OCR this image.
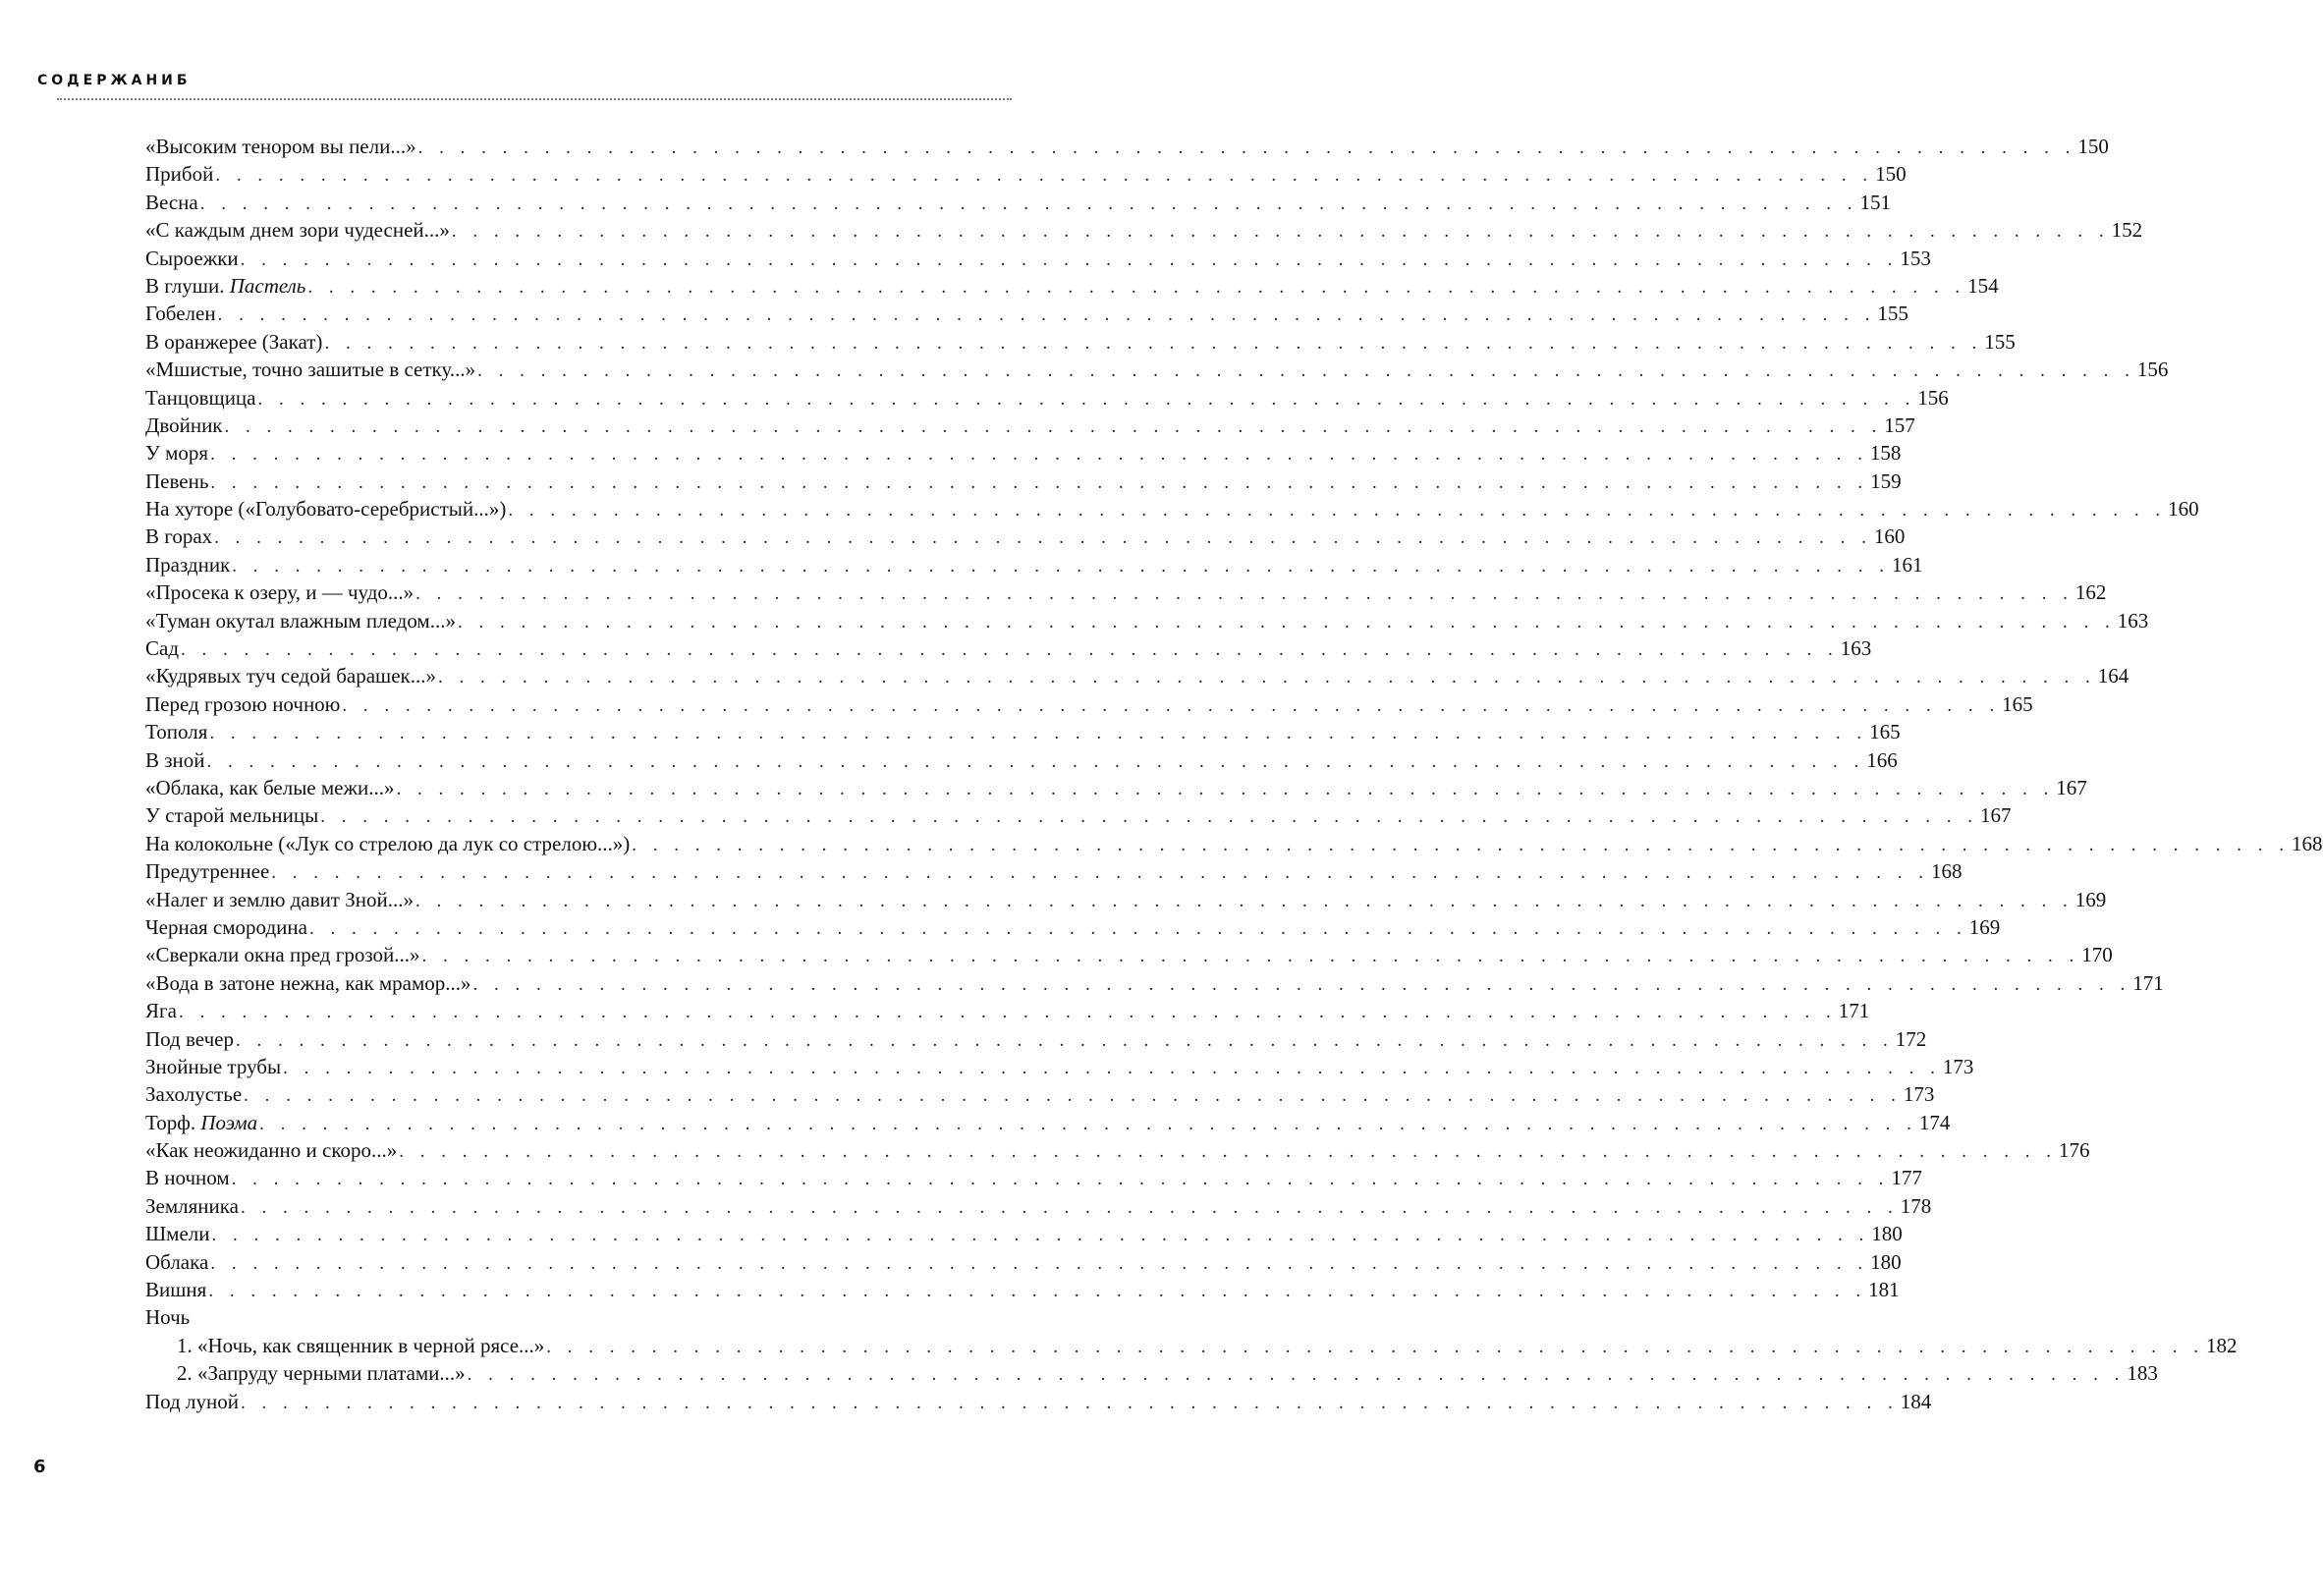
СОДЕРЖАНИБ
«Высоким тенором вы пели...» . . . . . . . . . . . . . . . . . . . . . . . . . . . . . . . . . . . . . . . . . . . . . . . . . . . . . . . . . . . . . . . . . . . . . . . . . . . . . . . 150
Прибой . . . . . . . . . . . . . . . . . . . . . . . . . . . . . . . . . . . . . . . . . . . . . . . . . . . . . . . . . . . . . . . . . . . . . . . . . . . . . . . 150
Весна . . . . . . . . . . . . . . . . . . . . . . . . . . . . . . . . . . . . . . . . . . . . . . . . . . . . . . . . . . . . . . . . . . . . . . . . . . . . . . . 151
«С каждым днем зори чудесней...» . . . . . . . . . . . . . . . . . . . . . . . . . . . . . . . . . . . . . . . . . . . . . . . . . . . . . . . . . . . . . . . . . . . . . . . . . . . . . . . 152
Сыроежки . . . . . . . . . . . . . . . . . . . . . . . . . . . . . . . . . . . . . . . . . . . . . . . . . . . . . . . . . . . . . . . . . . . . . . . . . . . . . . . 153
В глуши. Пастель . . . . . . . . . . . . . . . . . . . . . . . . . . . . . . . . . . . . . . . . . . . . . . . . . . . . . . . . . . . . . . . . . . . . . . . . . . . . . . . 154
Гобелен . . . . . . . . . . . . . . . . . . . . . . . . . . . . . . . . . . . . . . . . . . . . . . . . . . . . . . . . . . . . . . . . . . . . . . . . . . . . . . . 155
В оранжерее (Закат) . . . . . . . . . . . . . . . . . . . . . . . . . . . . . . . . . . . . . . . . . . . . . . . . . . . . . . . . . . . . . . . . . . . . . . . . . . . . . . . 155
«Мшистые, точно зашитые в сетку...» . . . . . . . . . . . . . . . . . . . . . . . . . . . . . . . . . . . . . . . . . . . . . . . . . . . . . . . . . . . . . . . . . . . . . . . . . . . . . . . 156
Танцовщица . . . . . . . . . . . . . . . . . . . . . . . . . . . . . . . . . . . . . . . . . . . . . . . . . . . . . . . . . . . . . . . . . . . . . . . . . . . . . . . 156
Двойник . . . . . . . . . . . . . . . . . . . . . . . . . . . . . . . . . . . . . . . . . . . . . . . . . . . . . . . . . . . . . . . . . . . . . . . . . . . . . . . 157
У моря . . . . . . . . . . . . . . . . . . . . . . . . . . . . . . . . . . . . . . . . . . . . . . . . . . . . . . . . . . . . . . . . . . . . . . . . . . . . . . . 158
Певень . . . . . . . . . . . . . . . . . . . . . . . . . . . . . . . . . . . . . . . . . . . . . . . . . . . . . . . . . . . . . . . . . . . . . . . . . . . . . . . 159
На хуторе («Голубовато-серебристый...») . . . . . . . . . . . . . . . . . . . . . . . . . . . . . . . . . . . . . . . . . . . . . . . . . . . . . . . . . . . . . . . . . . . . . . . . . . . . . . . 160
В горах . . . . . . . . . . . . . . . . . . . . . . . . . . . . . . . . . . . . . . . . . . . . . . . . . . . . . . . . . . . . . . . . . . . . . . . . . . . . . . . 160
Праздник . . . . . . . . . . . . . . . . . . . . . . . . . . . . . . . . . . . . . . . . . . . . . . . . . . . . . . . . . . . . . . . . . . . . . . . . . . . . . . . 161
«Просека к озеру, и — чудо...» . . . . . . . . . . . . . . . . . . . . . . . . . . . . . . . . . . . . . . . . . . . . . . . . . . . . . . . . . . . . . . . . . . . . . . . . . . . . . . . 162
«Туман окутал влажным пледом...» . . . . . . . . . . . . . . . . . . . . . . . . . . . . . . . . . . . . . . . . . . . . . . . . . . . . . . . . . . . . . . . . . . . . . . . . . . . . . . . 163
Сад . . . . . . . . . . . . . . . . . . . . . . . . . . . . . . . . . . . . . . . . . . . . . . . . . . . . . . . . . . . . . . . . . . . . . . . . . . . . . . . 163
«Кудрявых туч седой барашек...» . . . . . . . . . . . . . . . . . . . . . . . . . . . . . . . . . . . . . . . . . . . . . . . . . . . . . . . . . . . . . . . . . . . . . . . . . . . . . . . 164
Перед грозою ночною . . . . . . . . . . . . . . . . . . . . . . . . . . . . . . . . . . . . . . . . . . . . . . . . . . . . . . . . . . . . . . . . . . . . . . . . . . . . . . . 165
Тополя . . . . . . . . . . . . . . . . . . . . . . . . . . . . . . . . . . . . . . . . . . . . . . . . . . . . . . . . . . . . . . . . . . . . . . . . . . . . . . . 165
В зной . . . . . . . . . . . . . . . . . . . . . . . . . . . . . . . . . . . . . . . . . . . . . . . . . . . . . . . . . . . . . . . . . . . . . . . . . . . . . . . 166
«Облака, как белые межи...» . . . . . . . . . . . . . . . . . . . . . . . . . . . . . . . . . . . . . . . . . . . . . . . . . . . . . . . . . . . . . . . . . . . . . . . . . . . . . . . 167
У старой мельницы . . . . . . . . . . . . . . . . . . . . . . . . . . . . . . . . . . . . . . . . . . . . . . . . . . . . . . . . . . . . . . . . . . . . . . . . . . . . . . . 167
На колокольне («Лук со стрелою да лук со стрелою...») . . . . . . . . . . . . . . . . . . . . . . . . . . . . . . . . . . . . . . . . . . . . . . . . . . . . . . . . . . . . . . . . . . . . . . . . . . . . . . . 168
Предутреннее . . . . . . . . . . . . . . . . . . . . . . . . . . . . . . . . . . . . . . . . . . . . . . . . . . . . . . . . . . . . . . . . . . . . . . . . . . . . . . . 168
«Налег и землю давит Зной...» . . . . . . . . . . . . . . . . . . . . . . . . . . . . . . . . . . . . . . . . . . . . . . . . . . . . . . . . . . . . . . . . . . . . . . . . . . . . . . . 169
Черная смородина . . . . . . . . . . . . . . . . . . . . . . . . . . . . . . . . . . . . . . . . . . . . . . . . . . . . . . . . . . . . . . . . . . . . . . . . . . . . . . . 169
«Сверкали окна пред грозой...» . . . . . . . . . . . . . . . . . . . . . . . . . . . . . . . . . . . . . . . . . . . . . . . . . . . . . . . . . . . . . . . . . . . . . . . . . . . . . . . 170
«Вода в затоне нежна, как мрамор...» . . . . . . . . . . . . . . . . . . . . . . . . . . . . . . . . . . . . . . . . . . . . . . . . . . . . . . . . . . . . . . . . . . . . . . . . . . . . . . . 171
Яга . . . . . . . . . . . . . . . . . . . . . . . . . . . . . . . . . . . . . . . . . . . . . . . . . . . . . . . . . . . . . . . . . . . . . . . . . . . . . . . 171
Под вечер . . . . . . . . . . . . . . . . . . . . . . . . . . . . . . . . . . . . . . . . . . . . . . . . . . . . . . . . . . . . . . . . . . . . . . . . . . . . . . . 172
Знойные трубы . . . . . . . . . . . . . . . . . . . . . . . . . . . . . . . . . . . . . . . . . . . . . . . . . . . . . . . . . . . . . . . . . . . . . . . . . . . . . . . 173
Захолустье . . . . . . . . . . . . . . . . . . . . . . . . . . . . . . . . . . . . . . . . . . . . . . . . . . . . . . . . . . . . . . . . . . . . . . . . . . . . . . . 173
Торф. Поэма . . . . . . . . . . . . . . . . . . . . . . . . . . . . . . . . . . . . . . . . . . . . . . . . . . . . . . . . . . . . . . . . . . . . . . . . . . . . . . . 174
«Как неожиданно и скоро...» . . . . . . . . . . . . . . . . . . . . . . . . . . . . . . . . . . . . . . . . . . . . . . . . . . . . . . . . . . . . . . . . . . . . . . . . . . . . . . . 176
В ночном . . . . . . . . . . . . . . . . . . . . . . . . . . . . . . . . . . . . . . . . . . . . . . . . . . . . . . . . . . . . . . . . . . . . . . . . . . . . . . . 177
Земляника . . . . . . . . . . . . . . . . . . . . . . . . . . . . . . . . . . . . . . . . . . . . . . . . . . . . . . . . . . . . . . . . . . . . . . . . . . . . . . . 178
Шмели . . . . . . . . . . . . . . . . . . . . . . . . . . . . . . . . . . . . . . . . . . . . . . . . . . . . . . . . . . . . . . . . . . . . . . . . . . . . . . . 180
Облака . . . . . . . . . . . . . . . . . . . . . . . . . . . . . . . . . . . . . . . . . . . . . . . . . . . . . . . . . . . . . . . . . . . . . . . . . . . . . . . 180
Вишня . . . . . . . . . . . . . . . . . . . . . . . . . . . . . . . . . . . . . . . . . . . . . . . . . . . . . . . . . . . . . . . . . . . . . . . . . . . . . . . 181
Ночь
1. «Ночь, как священник в черной рясе...» . . . . . . . . . . . . . . . . . . . . . . . . . . . . . . . . . . . . . . . . . . . . . . . . . . . . . . . . . . . . . . . . . . . . . . . . . . . . . . . 182
2. «Запруду черными платами...» . . . . . . . . . . . . . . . . . . . . . . . . . . . . . . . . . . . . . . . . . . . . . . . . . . . . . . . . . . . . . . . . . . . . . . . . . . . . . . . 183
Под луной . . . . . . . . . . . . . . . . . . . . . . . . . . . . . . . . . . . . . . . . . . . . . . . . . . . . . . . . . . . . . . . . . . . . . . . . . . . . . . . 184
6
